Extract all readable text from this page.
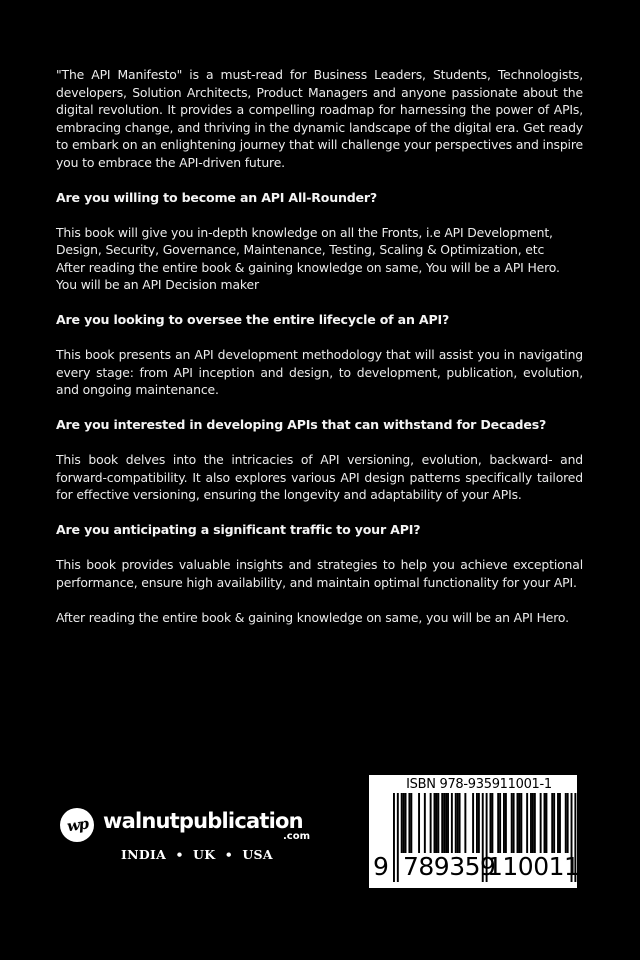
"The API Manifesto" is a must-read for Business Leaders, Students, Technologists, developers, Solution Architects, Product Managers and anyone passionate about the digital revolution. It provides a compelling roadmap for harnessing the power of APIs, embracing change, and thriving in the dynamic landscape of the digital era. Get ready to embark on an enlightening journey that will challenge your perspectives and inspire you to embrace the API-driven future.

Are you willing to become an API All-Rounder?

This book will give you in-depth knowledge on all the Fronts, i.e API Development,
Design, Security, Governance, Maintenance, Testing, Scaling & Optimization, etc
After reading the entire book & gaining knowledge on same, You will be a API Hero.
You will be an API Decision maker

Are you looking to oversee the entire lifecycle of an API?

This book presents an API development methodology that will assist you in navigating every stage: from API inception and design, to development, publication, evolution, and ongoing maintenance.

Are you interested in developing APIs that can withstand for Decades?

This book delves into the intricacies of API versioning, evolution, backward- and forward-compatibility. It also explores various API design patterns specifically tailored for effective versioning, ensuring the longevity and adaptability of your APIs.

Are you anticipating a significant traffic to your API?

This book provides valuable insights and strategies to help you achieve exceptional performance, ensure high availability, and maintain optimal functionality for your API.

After reading the entire book & gaining knowledge on same, you will be an API Hero.

wp walnutpublication
.com
INDIA  •  UK  •  USA
ISBN 978-935911001-1
9 789359
110011
